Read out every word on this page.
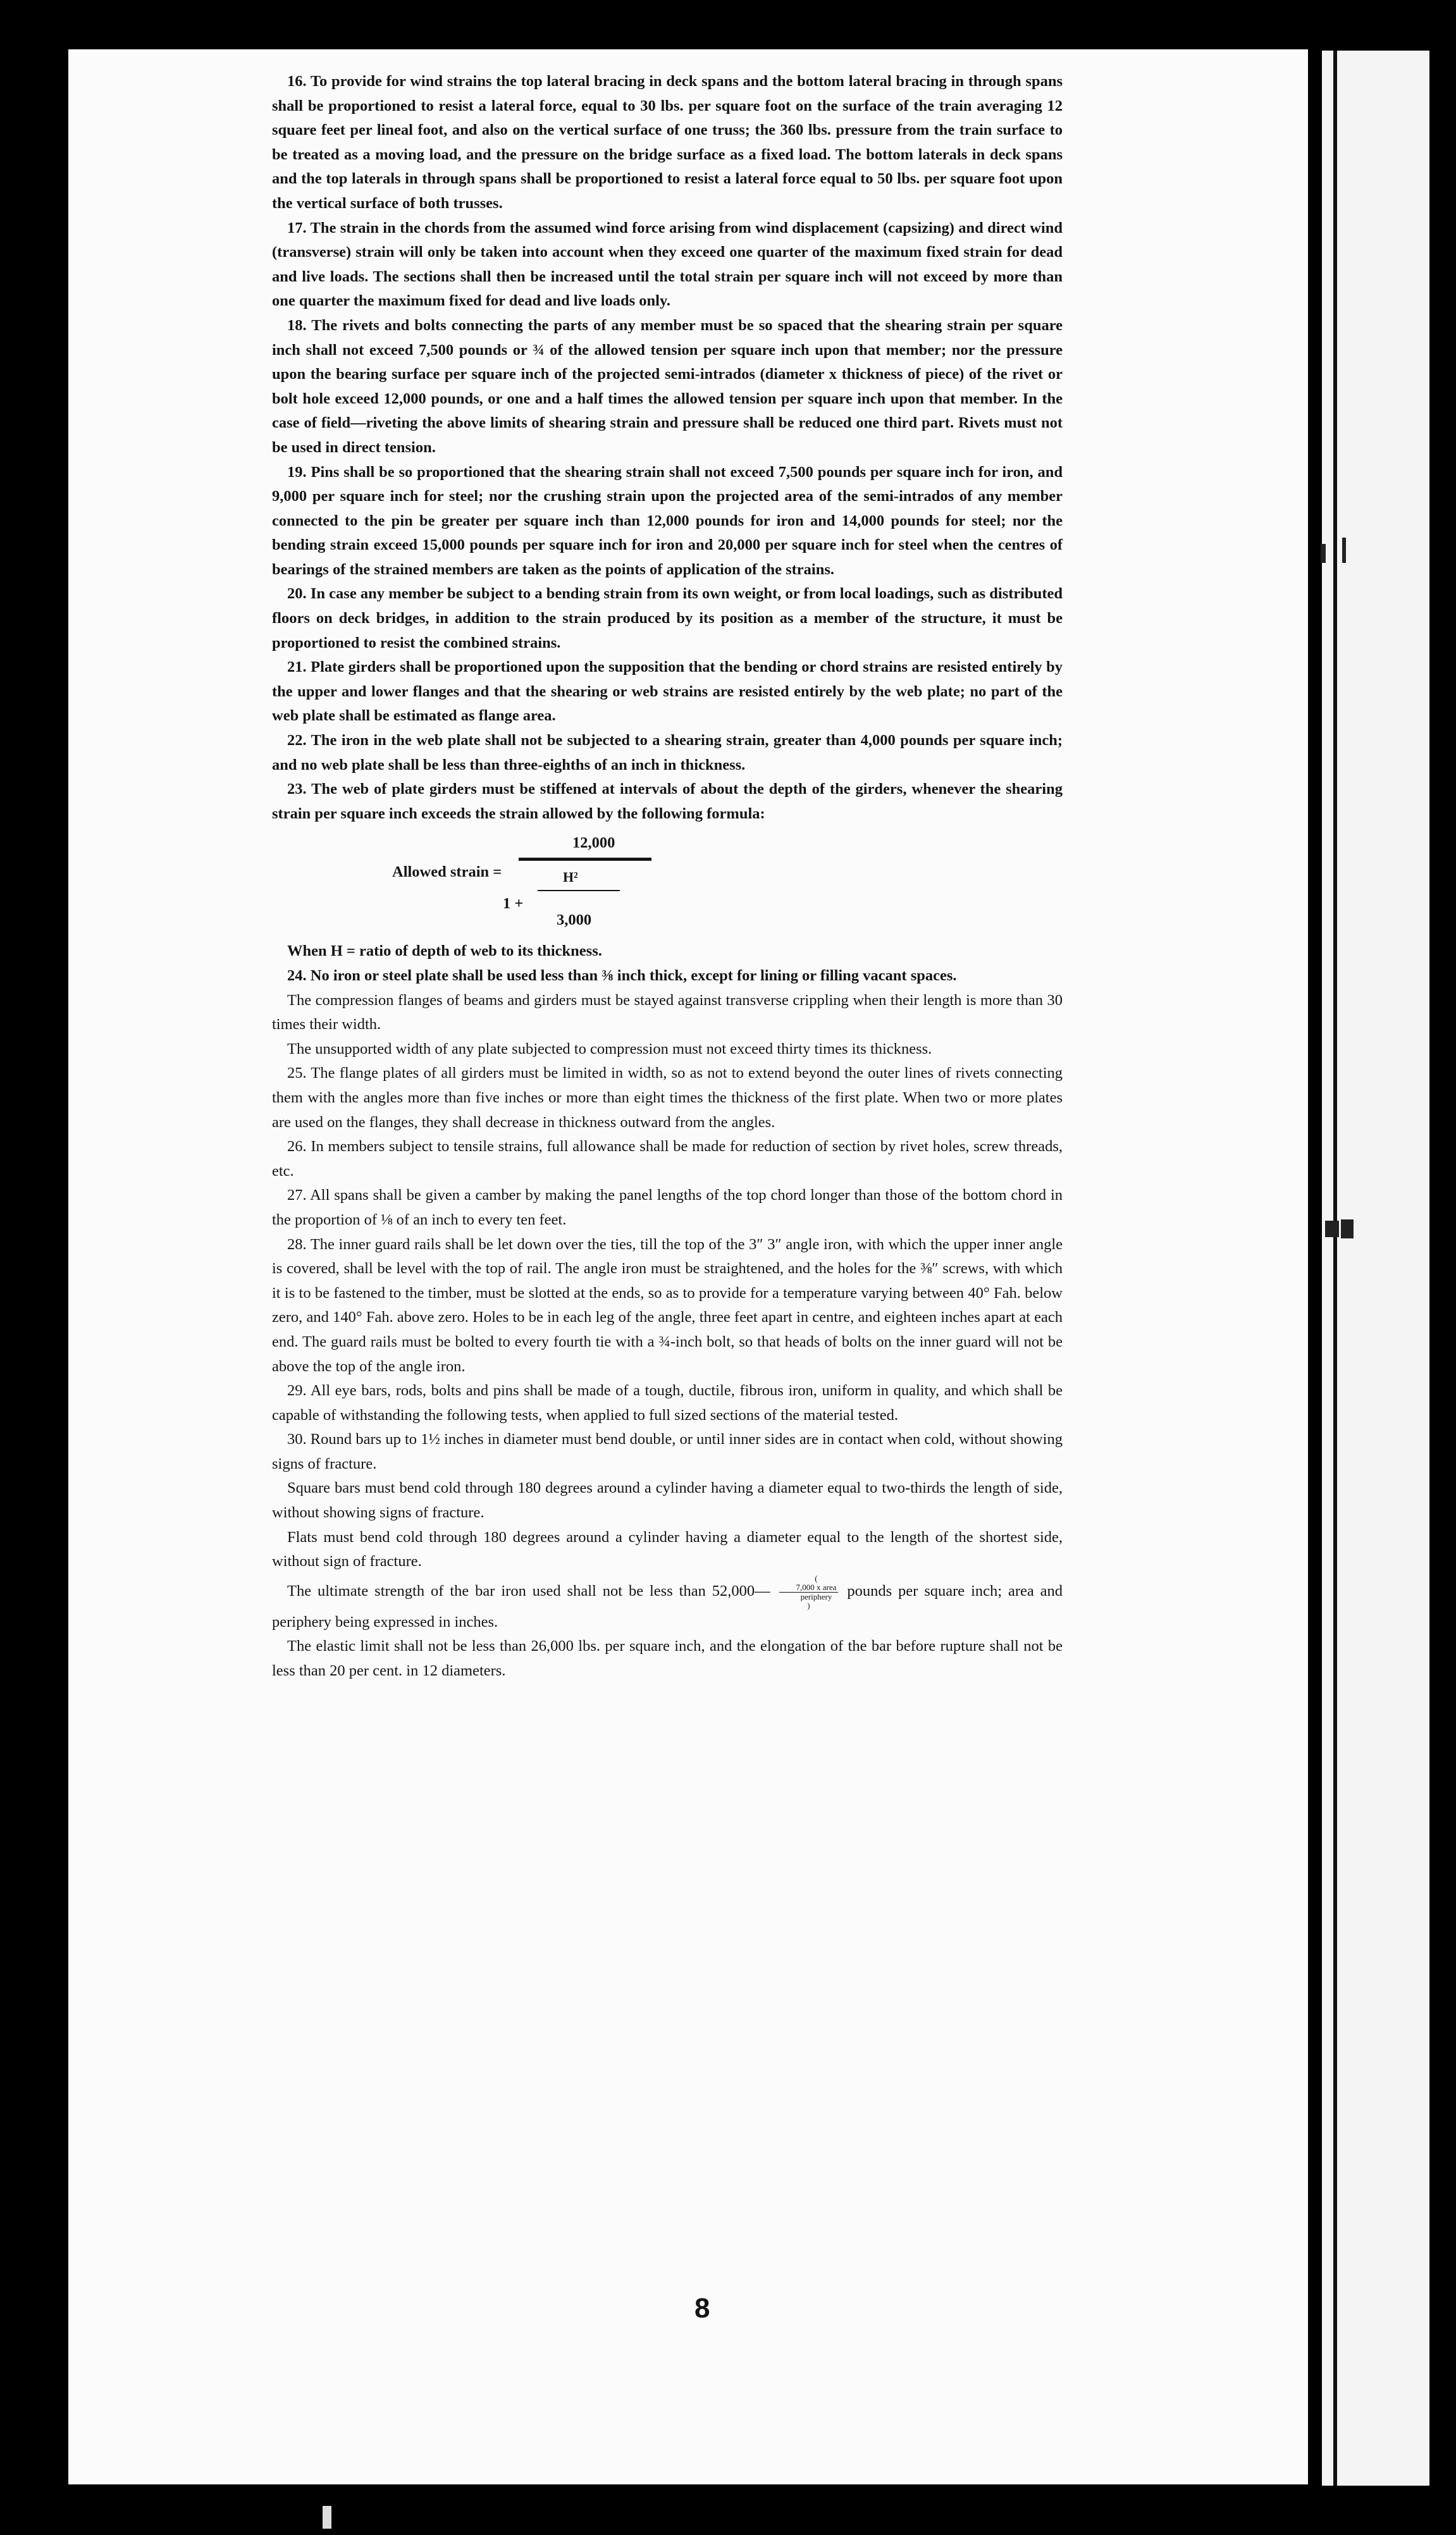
16. To provide for wind strains the top lateral bracing in deck spans and the bottom lateral bracing in through spans shall be proportioned to resist a lateral force, equal to 30 lbs. per square foot on the surface of the train averaging 12 square feet per lineal foot, and also on the vertical surface of one truss; the 360 lbs. pressure from the train surface to be treated as a moving load, and the pressure on the bridge surface as a fixed load. The bottom laterals in deck spans and the top laterals in through spans shall be proportioned to resist a lateral force equal to 50 lbs. per square foot upon the vertical surface of both trusses.

17. The strain in the chords from the assumed wind force arising from wind displacement (capsizing) and direct wind (transverse) strain will only be taken into account when they exceed one quarter of the maximum fixed strain for dead and live loads. The sections shall then be increased until the total strain per square inch will not exceed by more than one quarter the maximum fixed for dead and live loads only.

18. The rivets and bolts connecting the parts of any member must be so spaced that the shearing strain per square inch shall not exceed 7,500 pounds or ¾ of the allowed tension per square inch upon that member; nor the pressure upon the bearing surface per square inch of the projected semi-intrados (diameter x thickness of piece) of the rivet or bolt hole exceed 12,000 pounds, or one and a half times the allowed tension per square inch upon that member. In the case of field—riveting the above limits of shearing strain and pressure shall be reduced one third part. Rivets must not be used in direct tension.

19. Pins shall be so proportioned that the shearing strain shall not exceed 7,500 pounds per square inch for iron, and 9,000 per square inch for steel; nor the crushing strain upon the projected area of the semi-intrados of any member connected to the pin be greater per square inch than 12,000 pounds for iron and 14,000 pounds for steel; nor the bending strain exceed 15,000 pounds per square inch for iron and 20,000 per square inch for steel when the centres of bearings of the strained members are taken as the points of application of the strains.

20. In case any member be subject to a bending strain from its own weight, or from local loadings, such as distributed floors on deck bridges, in addition to the strain produced by its position as a member of the structure, it must be proportioned to resist the combined strains.

21. Plate girders shall be proportioned upon the supposition that the bending or chord strains are resisted entirely by the upper and lower flanges and that the shearing or web strains are resisted entirely by the web plate; no part of the web plate shall be estimated as flange area.

22. The iron in the web plate shall not be subjected to a shearing strain, greater than 4,000 pounds per square inch; and no web plate shall be less than three-eighths of an inch in thickness.

23. The web of plate girders must be stiffened at intervals of about the depth of the girders, whenever the shearing strain per square inch exceeds the strain allowed by the following formula:

Allowed strain =
12,000
1 +
H²
3,000

When H = ratio of depth of web to its thickness.

24. No iron or steel plate shall be used less than ⅜ inch thick, except for lining or filling vacant spaces.

The compression flanges of beams and girders must be stayed against transverse crippling when their length is more than 30 times their width.

The unsupported width of any plate subjected to compression must not exceed thirty times its thickness.

25. The flange plates of all girders must be limited in width, so as not to extend beyond the outer lines of rivets connecting them with the angles more than five inches or more than eight times the thickness of the first plate. When two or more plates are used on the flanges, they shall decrease in thickness outward from the angles.

26. In members subject to tensile strains, full allowance shall be made for reduction of section by rivet holes, screw threads, etc.

27. All spans shall be given a camber by making the panel lengths of the top chord longer than those of the bottom chord in the proportion of ⅛ of an inch to every ten feet.

28. The inner guard rails shall be let down over the ties, till the top of the 3″ 3″ angle iron, with which the upper inner angle is covered, shall be level with the top of rail. The angle iron must be straightened, and the holes for the ⅜″ screws, with which it is to be fastened to the timber, must be slotted at the ends, so as to provide for a temperature varying between 40° Fah. below zero, and 140° Fah. above zero. Holes to be in each leg of the angle, three feet apart in centre, and eighteen inches apart at each end. The guard rails must be bolted to every fourth tie with a ¾-inch bolt, so that heads of bolts on the inner guard will not be above the top of the angle iron.

29. All eye bars, rods, bolts and pins shall be made of a tough, ductile, fibrous iron, uniform in quality, and which shall be capable of withstanding the following tests, when applied to full sized sections of the material tested.

30. Round bars up to 1½ inches in diameter must bend double, or until inner sides are in contact when cold, without showing signs of fracture.

Square bars must bend cold through 180 degrees around a cylinder having a diameter equal to two-thirds the length of side, without showing signs of fracture.

Flats must bend cold through 180 degrees around a cylinder having a diameter equal to the length of the shortest side, without sign of fracture.

The ultimate strength of the bar iron used shall not be less than 52,000— (
7,000 x area
periphery
) pounds per square inch; area and periphery being expressed in inches.

The elastic limit shall not be less than 26,000 lbs. per square inch, and the elongation of the bar before rupture shall not be less than 20 per cent. in 12 diameters.

8
